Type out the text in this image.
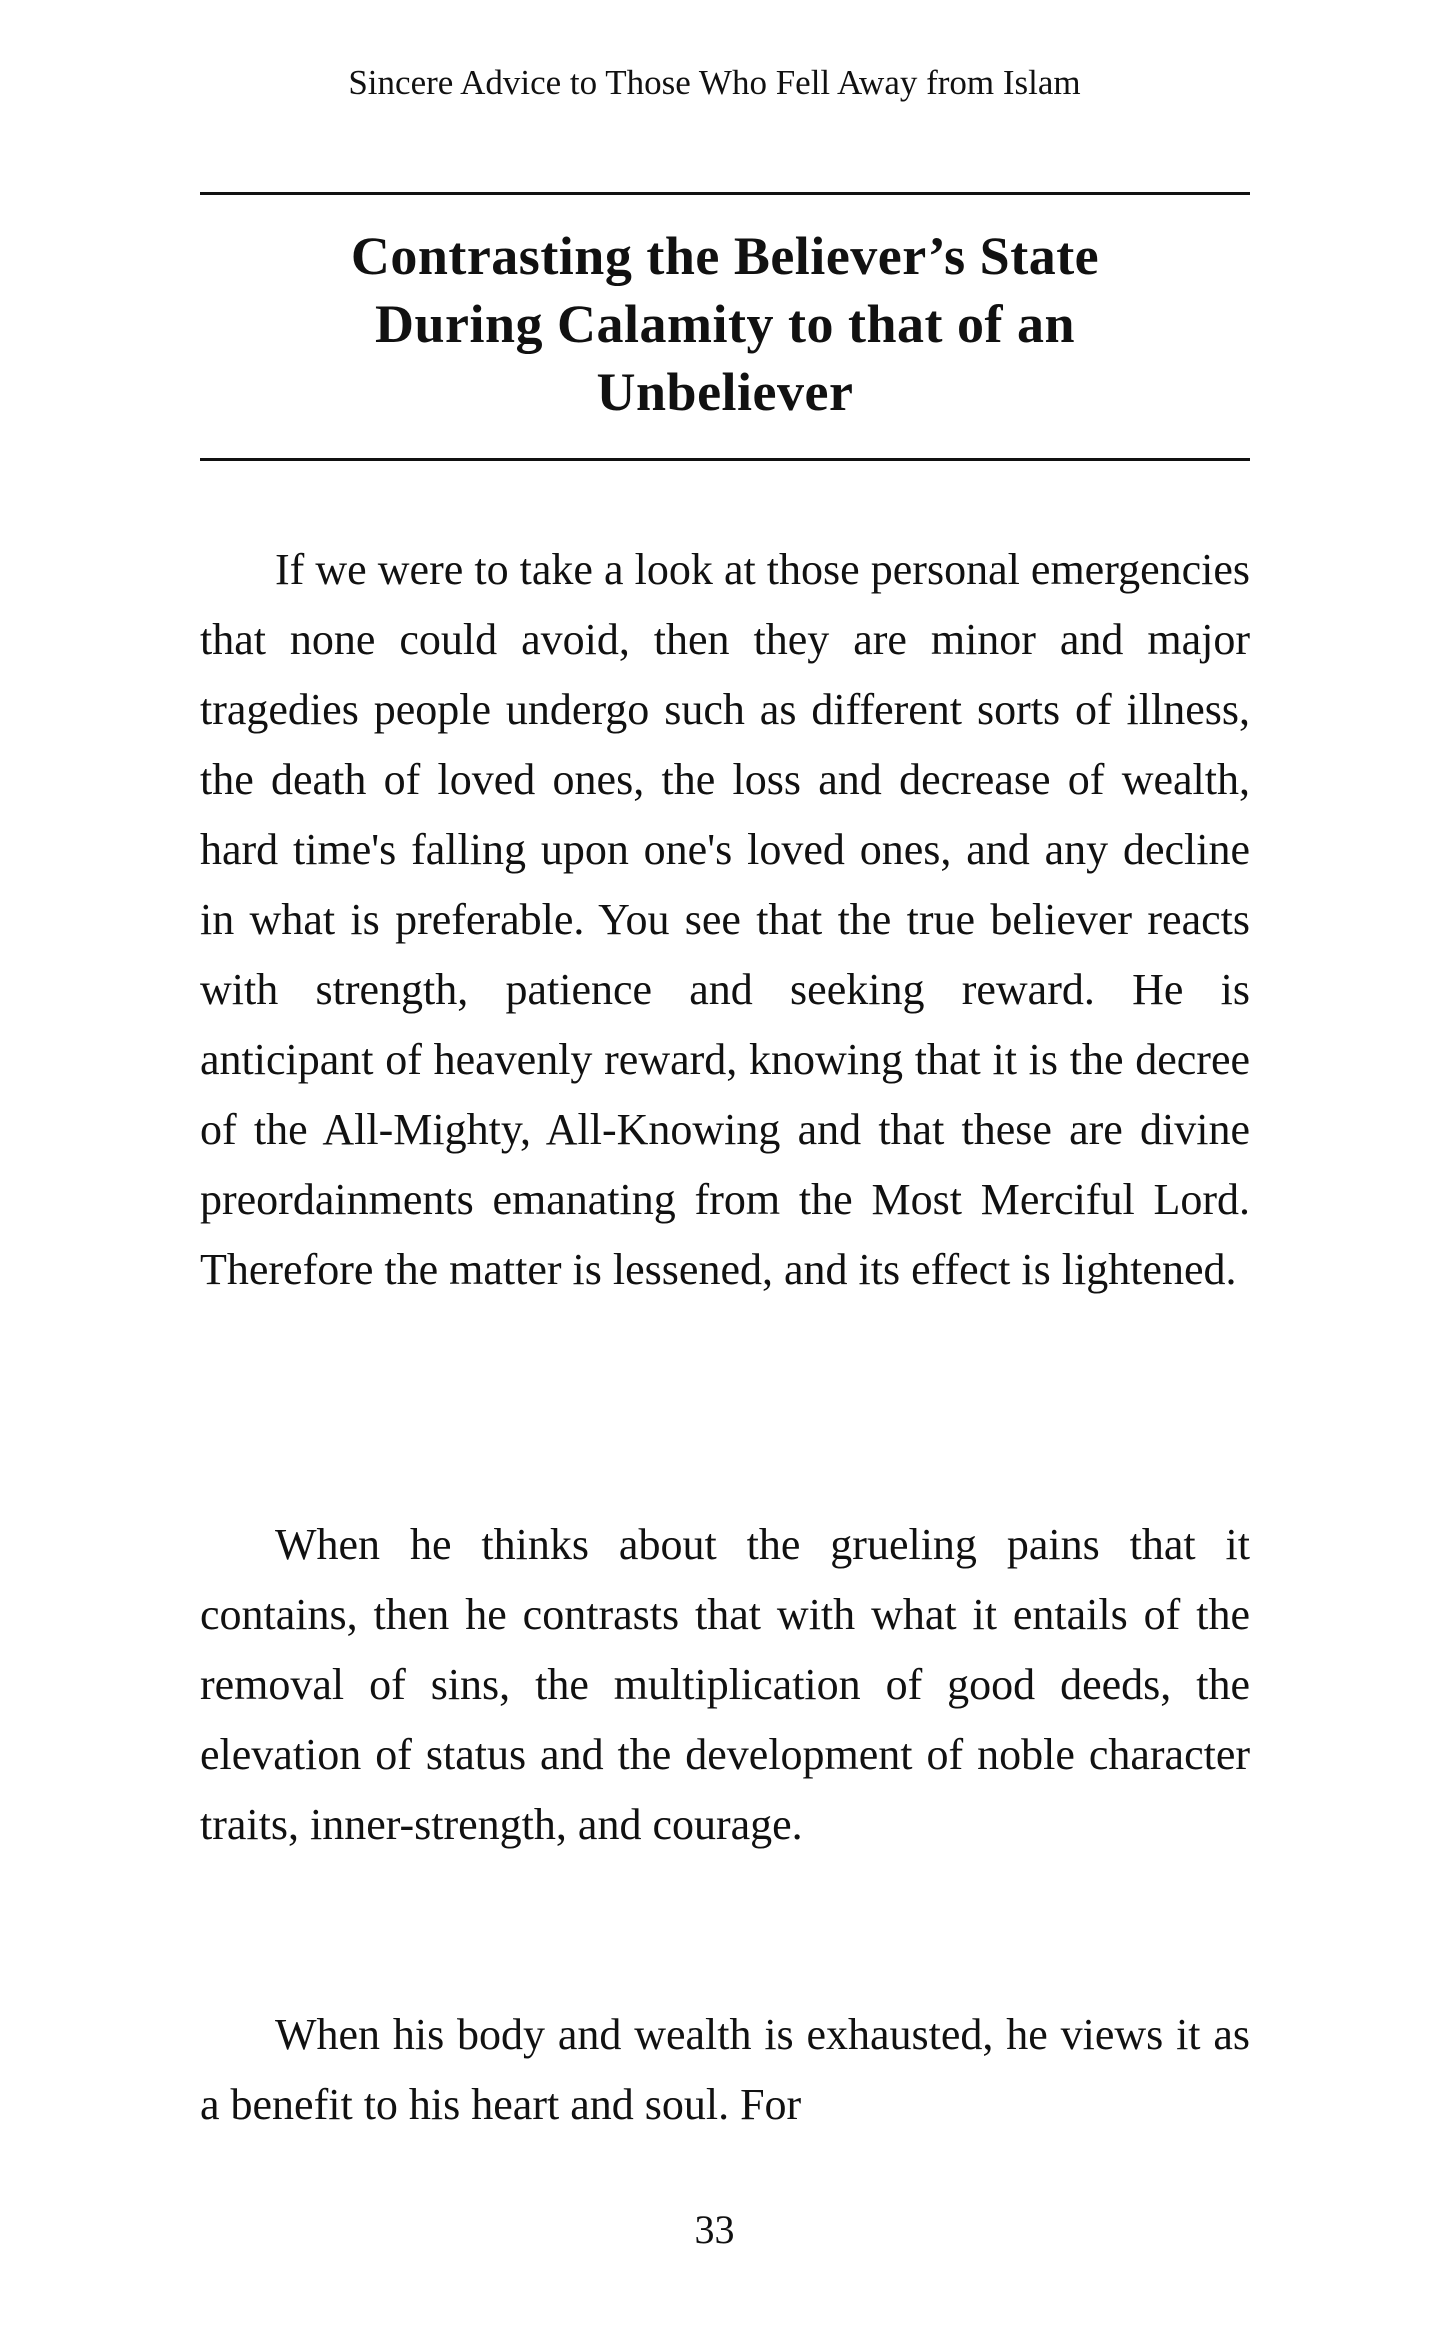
Sincere Advice to Those Who Fell Away from Islam
Contrasting the Believer’s State
During Calamity to that of an
Unbeliever

If we were to take a look at those personal emergencies that none could avoid, then they are minor and major tragedies people undergo such as different sorts of illness, the death of loved ones, the loss and decrease of wealth, hard time's falling upon one's loved ones, and any decline in what is preferable. You see that the true believer reacts with strength, patience and seeking reward. He is anticipant of heavenly reward, knowing that it is the decree of the All-Mighty, All-Knowing and that these are divine preordainments emanating from the Most Merciful Lord. Therefore the matter is lessened, and its effect is lightened.

When he thinks about the grueling pains that it contains, then he contrasts that with what it entails of the removal of sins, the multiplication of good deeds, the elevation of status and the development of noble character traits, inner-strength, and courage.

When his body and wealth is exhausted, he views it as a benefit to his heart and soul. For

33
